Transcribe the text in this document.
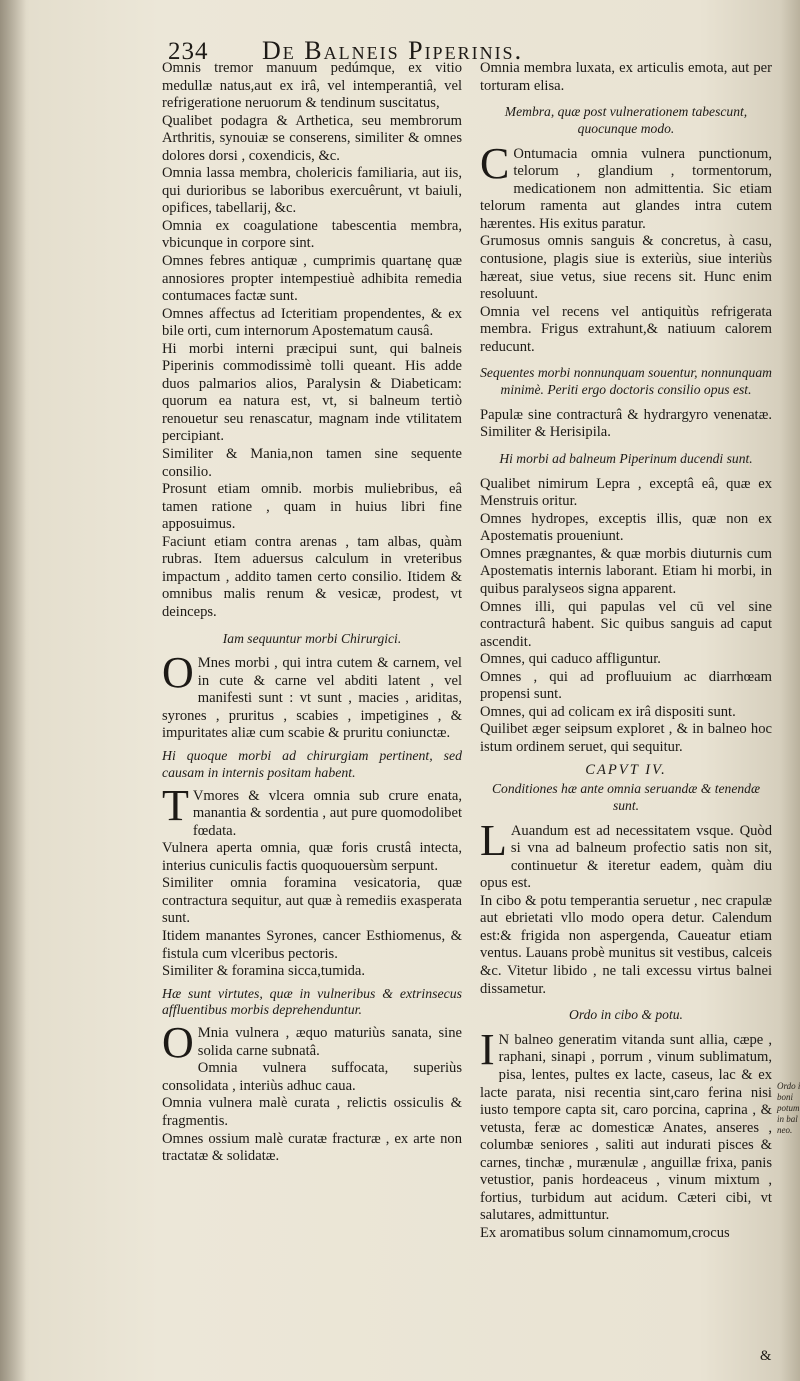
234 De Balneis Piperinis.

Omnis tremor manuum pedúmque, ex vitio medullæ natus,aut ex irâ, vel intemperantiâ, vel refrigeratione neruorum & tendinum suscitatus,

Qualibet podagra & Arthetica, seu membrorum Arthritis, synouiæ se conserens, similiter & omnes dolores dorsi , coxendicis, &c.

Omnia lassa membra, cholericis familiaria, aut iis, qui durioribus se laboribus exercuêrunt, vt baiuli, opifices, tabellarij, &c.

Omnia ex coagulatione tabescentia membra, vbicunque in corpore sint.

Omnes febres antiquæ , cumprimis quartanę quæ annosiores propter intempestiuè adhibita remedia contumaces factæ sunt.

Omnes affectus ad Icteritiam propendentes, & ex bile orti, cum internorum Apostematum causâ.

Hi morbi interni præcipui sunt, qui balneis Piperinis commodissimè tolli queant. His adde duos palmarios alios, Paralysin & Diabeticam: quorum ea natura est, vt, si balneum tertiò renouetur seu renascatur, magnam inde vtilitatem percipiant.

Similiter & Mania,non tamen sine sequente consilio.

Prosunt etiam omnib. morbis muliebribus, eâ tamen ratione , quam in huius libri fine apposuimus.

Faciunt etiam contra arenas , tam albas, quàm rubras. Item aduersus calculum in vreteribus impactum , addito tamen certo consilio. Itidem & omnibus malis renum & vesicæ, prodest, vt deinceps.

Iam sequuntur morbi Chirurgici.

O Mnes morbi , qui intra cutem & carnem, vel in cute & carne vel abditi latent , vel manifesti sunt : vt sunt , macies , ariditas, syrones , pruritus , scabies , impetigines , & impuritates aliæ cum scabie & pruritu coniunctæ.

Hi quoque morbi ad chirurgiam pertinent, sed causam in internis positam habent.

T Vmores & vlcera omnia sub crure enata, manantia & sordentia , aut pure quomodolibet fœdata.

Vulnera aperta omnia, quæ foris crustâ intecta, interius cuniculis factis quoquouersùm serpunt.

Similiter omnia foramina vesicatoria, quæ contractura sequitur, aut quæ à remediis exasperata sunt.

Itidem manantes Syrones, cancer Esthiomenus, & fistula cum vlceribus pectoris.

Similiter & foramina sicca,tumida.

Hæ sunt virtutes, quæ in vulneribus & extrinsecus affluentibus morbis deprehenduntur.

O Mnia vulnera , æquo maturiùs sanata, sine solida carne subnatâ.

Omnia vulnera suffocata, superiùs consolidata , interiùs adhuc caua.

Omnia vulnera malè curata , relictis ossiculis & fragmentis.

Omnes ossium malè curatæ fracturæ , ex arte non tractatæ & solidatæ.

Omnia membra luxata, ex articulis emota, aut per torturam elisa.

Membra, quæ post vulnerationem tabescunt, quocunque modo.

C Ontumacia omnia vulnera punctionum, telorum , glandium , tormentorum, medicationem non admittentia. Sic etiam telorum ramenta aut glandes intra cutem hærentes. His exitus paratur.

Grumosus omnis sanguis & concretus, à casu, contusione, plagis siue is exteriùs, siue interiùs hæreat, siue vetus, siue recens sit. Hunc enim resoluunt.

Omnia vel recens vel antiquitùs refrigerata membra. Frigus extrahunt,& natiuum calorem reducunt.

Sequentes morbi nonnunquam souentur, nonnunquam minimè. Periti ergo doctoris consilio opus est.

Papulæ sine contracturâ & hydrargyro venenatæ. Similiter & Herisipila.

Hi morbi ad balneum Piperinum ducendi sunt.

Qualibet nimirum Lepra , exceptâ eâ, quæ ex Menstruis oritur.

Omnes hydropes, exceptis illis, quæ non ex Apostematis proueniunt.

Omnes prægnantes, & quæ morbis diuturnis cum Apostematis internis laborant. Etiam hi morbi, in quibus paralyseos signa apparent.

Omnes illi, qui papulas vel cū vel sine contracturâ habent. Sic quibus sanguis ad caput ascendit.

Omnes, qui caduco affliguntur.

Omnes , qui ad profluuium ac diarrhœam propensi sunt.

Omnes, qui ad colicam ex irâ dispositi sunt.

Quilibet æger seipsum exploret , & in balneo hoc istum ordinem seruet, qui sequitur.

CAPVT IV.
Conditiones hæ ante omnia seruandæ & tenendæ sunt.

L Auandum est ad necessitatem vsque. Quòd si vna ad balneum profectio satis non sit, continuetur & iteretur eadem, quàm diu opus est.

In cibo & potu temperantia seruetur , nec crapulæ aut ebrietati vllo modo opera detur. Calendum est:& frigida non aspergenda, Caueatur etiam ventus. Lauans probè munitus sit vestibus, calceis &c. Vitetur libido , ne tali excessu virtus balnei dissametur.

Ordo in cibo & potu.

I N balneo generatim vitanda sunt allia, cæpe , raphani, sinapi , porrum , vinum sublimatum, pisa, lentes, pultes ex lacte, caseus, lac & ex lacte parata, nisi recentia sint,caro ferina nisi iusto tempore capta sit, caro porcina, caprina , & vetusta, feræ ac domesticæ Anates, anseres , columbæ seniores , saliti aut indurati pisces & carnes, tinchæ , murænulæ , anguillæ frixa, panis vetustior, panis hordeaceus , vinum mixtum , fortius, turbidum aut acidum. Cæteri cibi, vt salutares, admittuntur.

Ex aromatibus solum cinnamomum,crocus

Ordo i boni potum in bal neo.
&
